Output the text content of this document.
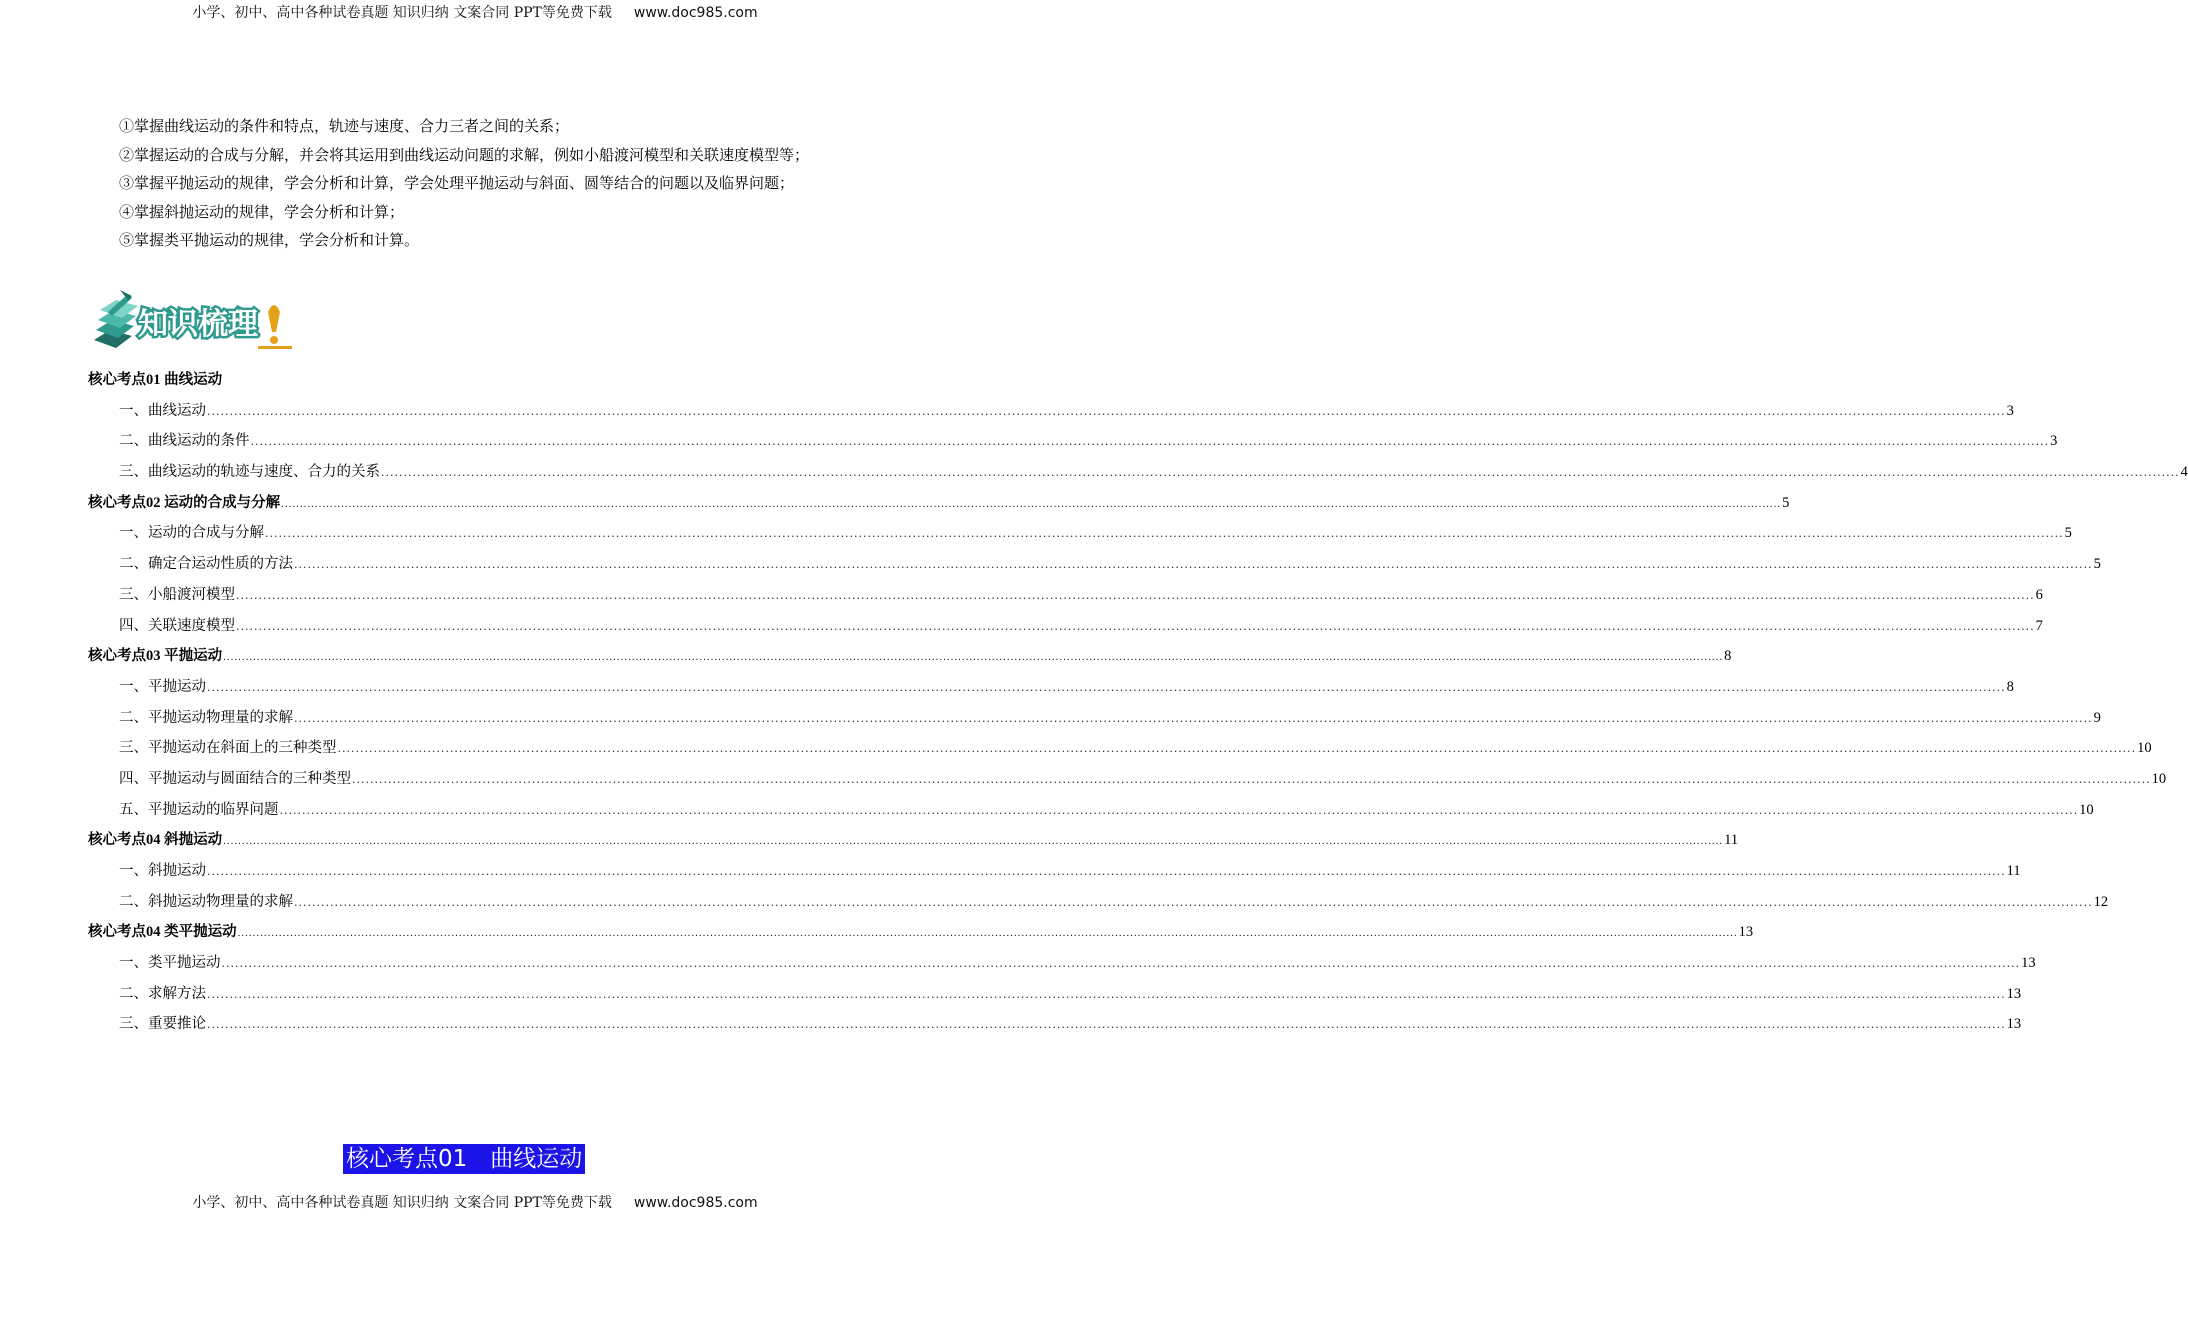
小学、初中、高中各种试卷真题 知识归纳 文案合同 PPT等免费下载 www.doc985.com

①掌握曲线运动的条件和特点，轨迹与速度、合力三者之间的关系；

②掌握运动的合成与分解，并会将其运用到曲线运动问题的求解，例如小船渡河模型和关联速度模型等；

③掌握平抛运动的规律，学会分析和计算，学会处理平抛运动与斜面、圆等结合的问题以及临界问题；

④掌握斜抛运动的规律，学会分析和计算；

⑤掌握类平抛运动的规律，学会分析和计算。

知识梳理
核心考点01 曲线运动
一、曲线运动 ................................................................................................................................................................................................................................................................................................................................................................................................................ 3
二、曲线运动的条件 ................................................................................................................................................................................................................................................................................................................................................................................................................ 3
三、曲线运动的轨迹与速度、合力的关系 ................................................................................................................................................................................................................................................................................................................................................................................................................ 4
核心考点02 运动的合成与分解 ................................................................................................................................................................................................................................................................................................................................................................................................................ 5
一、运动的合成与分解 ................................................................................................................................................................................................................................................................................................................................................................................................................ 5
二、确定合运动性质的方法 ................................................................................................................................................................................................................................................................................................................................................................................................................ 5
三、小船渡河模型 ................................................................................................................................................................................................................................................................................................................................................................................................................ 6
四、关联速度模型 ................................................................................................................................................................................................................................................................................................................................................................................................................ 7
核心考点03 平抛运动 ................................................................................................................................................................................................................................................................................................................................................................................................................ 8
一、平抛运动 ................................................................................................................................................................................................................................................................................................................................................................................................................ 8
二、平抛运动物理量的求解 ................................................................................................................................................................................................................................................................................................................................................................................................................ 9
三、平抛运动在斜面上的三种类型 ................................................................................................................................................................................................................................................................................................................................................................................................................ 10
四、平抛运动与圆面结合的三种类型 ................................................................................................................................................................................................................................................................................................................................................................................................................ 10
五、平抛运动的临界问题 ................................................................................................................................................................................................................................................................................................................................................................................................................ 10
核心考点04 斜抛运动 ................................................................................................................................................................................................................................................................................................................................................................................................................ 11
一、斜抛运动 ................................................................................................................................................................................................................................................................................................................................................................................................................ 11
二、斜抛运动物理量的求解 ................................................................................................................................................................................................................................................................................................................................................................................................................ 12
核心考点04 类平抛运动 ................................................................................................................................................................................................................................................................................................................................................................................................................ 13
一、类平抛运动 ................................................................................................................................................................................................................................................................................................................................................................................................................ 13
二、求解方法 ................................................................................................................................................................................................................................................................................................................................................................................................................ 13
三、重要推论 ................................................................................................................................................................................................................................................................................................................................................................................................................ 13
核心考点01　曲线运动
小学、初中、高中各种试卷真题 知识归纳 文案合同 PPT等免费下载 www.doc985.com
